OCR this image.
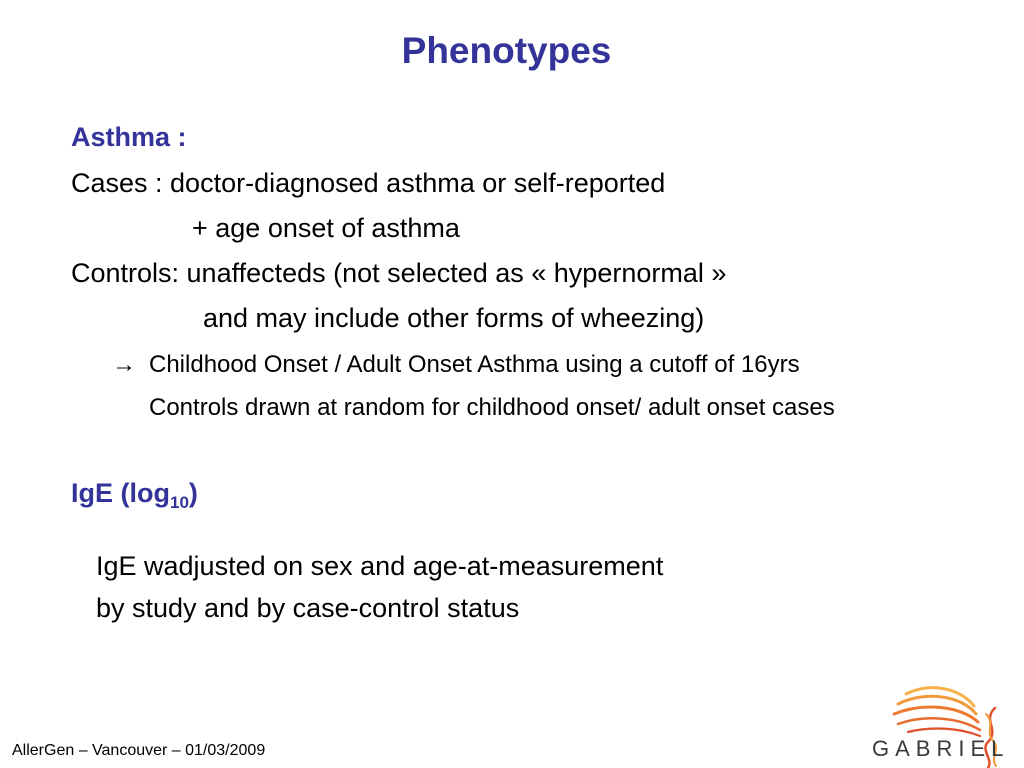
Phenotypes
Asthma :
Cases : doctor-diagnosed asthma or self-reported
+ age onset of asthma
Controls: unaffecteds (not selected as « hypernormal »
and may include other forms of wheezing)
→ Childhood Onset / Adult Onset Asthma using a cutoff of 16yrs
Controls drawn at random for childhood onset/ adult onset cases
IgE $(\log_{10})$
IgE wadjusted on sex and age-at-measurement
by study and by case-control status
AllerGen – Vancouver – 01/03/2009	GABRIEL
